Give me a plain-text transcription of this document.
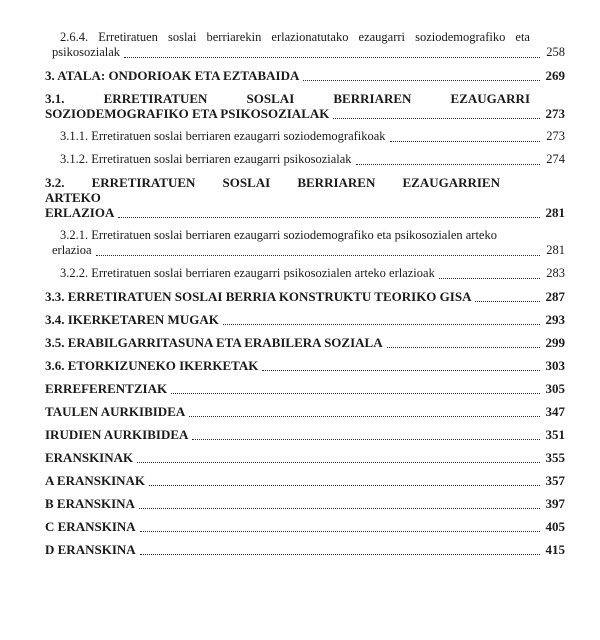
2.6.4. Erretiratuen soslai berriarekin erlazionatutako ezaugarri soziodemografiko eta
psikosozialak	258
3. ATALA: ONDORIOAK ETA EZTABAIDA	269
3.1. ERRETIRATUEN SOSLAI BERRIAREN EZAUGARRI
SOZIODEMOGRAFIKO ETA PSIKOSOZIALAK	273
3.1.1. Erretiratuen soslai berriaren ezaugarri soziodemografikoak	273
3.1.2. Erretiratuen soslai berriaren ezaugarri psikosozialak	274
3.2. ERRETIRATUEN SOSLAI BERRIAREN EZAUGARRIEN ARTEKO
ERLAZIOA	281
3.2.1. Erretiratuen soslai berriaren ezaugarri soziodemografiko eta psikosozialen arteko
erlazioa	281
3.2.2. Erretiratuen soslai berriaren ezaugarri psikosozialen arteko erlazioak	283
3.3. ERRETIRATUEN SOSLAI BERRIA KONSTRUKTU TEORIKO GISA	287
3.4. IKERKETAREN MUGAK	293
3.5. ERABILGARRITASUNA ETA ERABILERA SOZIALA	299
3.6. ETORKIZUNEKO IKERKETAK	303
ERREFERENTZIAK	305
TAULEN AURKIBIDEA	347
IRUDIEN AURKIBIDEA	351
ERANSKINAK	355
A ERANSKINAK	357
B ERANSKINA	397
C ERANSKINA	405
D ERANSKINA	415
